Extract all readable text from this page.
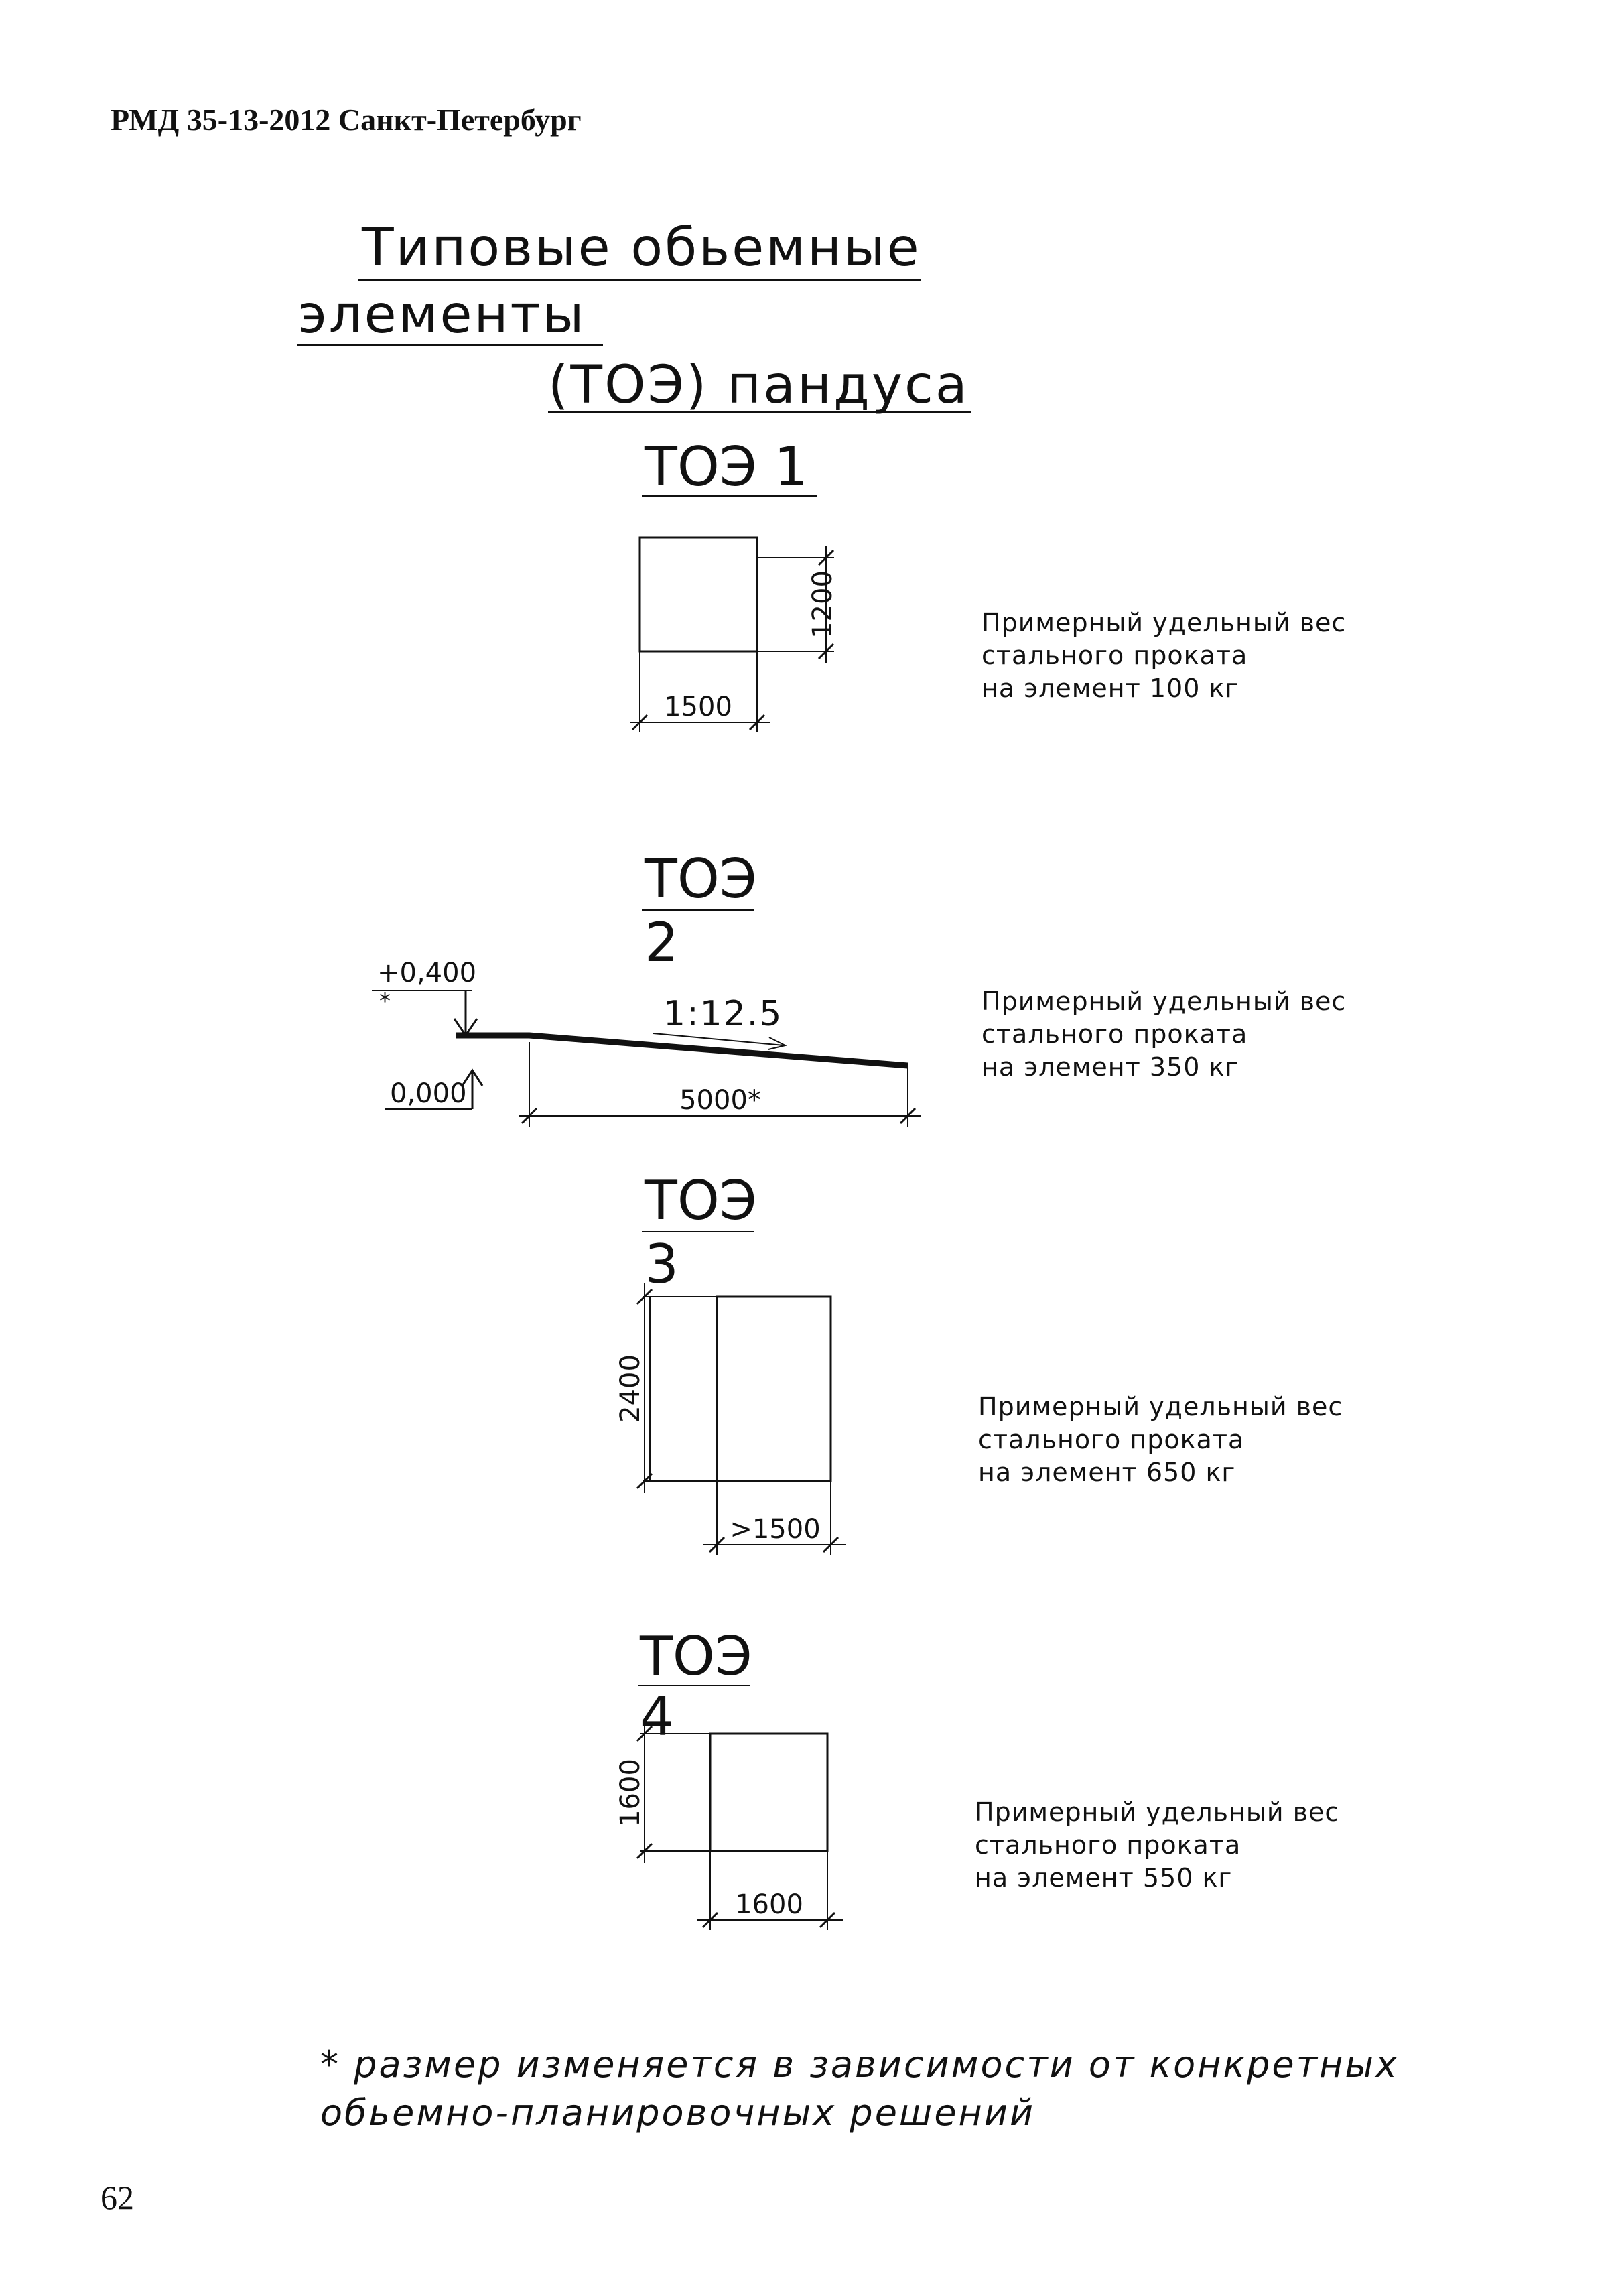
РМД 35-13-2012 Санкт-Петербург
62
Типовые обьемные
элементы
(ТОЭ) пандуса
ТОЭ 1
ТОЭ
2
ТОЭ
3
ТОЭ
4
Примерный удельный вес
стального проката
на элемент 100 кг
Примерный удельный вес
стального проката
на элемент 350 кг
Примерный удельный вес
стального проката
на элемент 650 кг
Примерный удельный вес
стального проката
на элемент 550 кг
* размер изменяется в зависимости от конкретных
обьемно-планировочных решений
1200
1500
+0,400
*
0,000
1:12.5
5000*
2400
>1500
1600
1600
